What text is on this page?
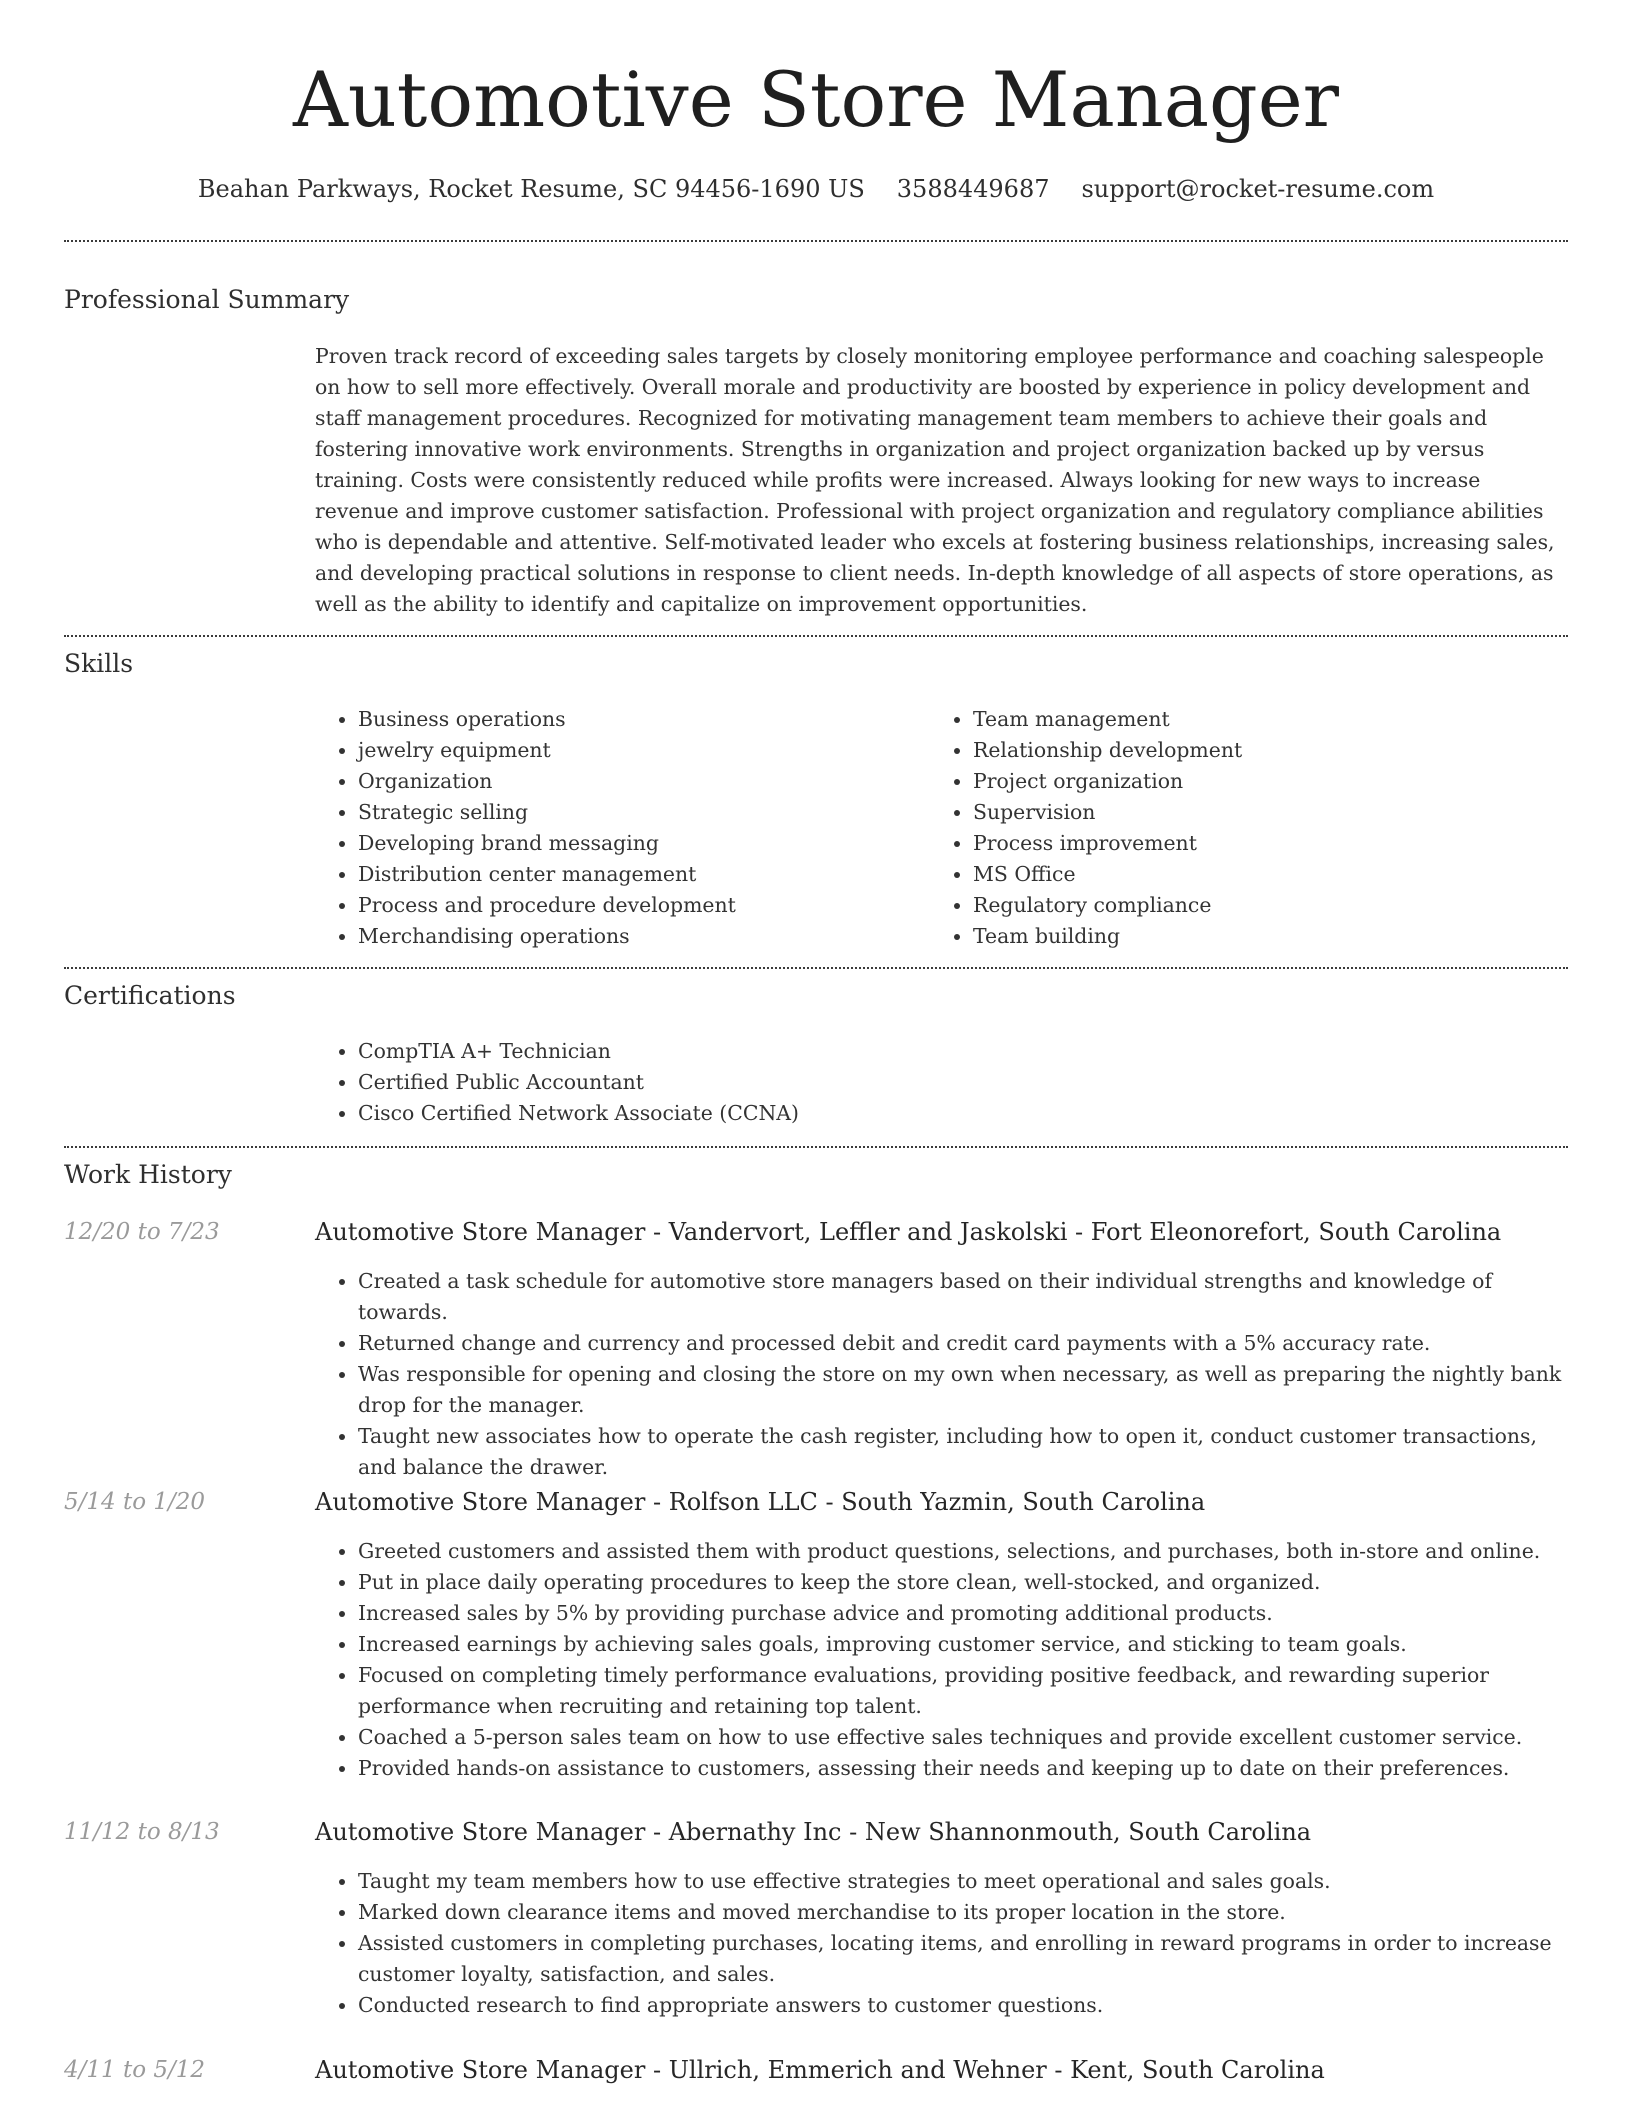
Automotive Store Manager
Beahan Parkways, Rocket Resume, SC 94456-1690 US 3588449687 support@rocket-resume.com
Professional Summary
Proven track record of exceeding sales targets by closely monitoring employee performance and coaching salespeople on how to sell more effectively. Overall morale and productivity are boosted by experience in policy development and staff management procedures. Recognized for motivating management team members to achieve their goals and fostering innovative work environments. Strengths in organization and project organization backed up by versus training. Costs were consistently reduced while profits were increased. Always looking for new ways to increase revenue and improve customer satisfaction. Professional with project organization and regulatory compliance abilities who is dependable and attentive. Self-motivated leader who excels at fostering business relationships, increasing sales, and developing practical solutions in response to client needs. In-depth knowledge of all aspects of store operations, as well as the ability to identify and capitalize on improvement opportunities.
Skills
• Business operations
• jewelry equipment
• Organization
• Strategic selling
• Developing brand messaging
• Distribution center management
• Process and procedure development
• Merchandising operations
• Team management
• Relationship development
• Project organization
• Supervision
• Process improvement
• MS Office
• Regulatory compliance
• Team building
Certifications
• CompTIA A+ Technician
• Certified Public Accountant
• Cisco Certified Network Associate (CCNA)
Work History
12/20 to 7/23	Automotive Store Manager - Vandervort, Leffler and Jaskolski - Fort Eleonorefort, South Carolina
• Created a task schedule for automotive store managers based on their individual strengths and knowledge of towards.
• Returned change and currency and processed debit and credit card payments with a 5% accuracy rate.
• Was responsible for opening and closing the store on my own when necessary, as well as preparing the nightly bank drop for the manager.
• Taught new associates how to operate the cash register, including how to open it, conduct customer transactions, and balance the drawer.
5/14 to 1/20	Automotive Store Manager - Rolfson LLC - South Yazmin, South Carolina
• Greeted customers and assisted them with product questions, selections, and purchases, both in-store and online.
• Put in place daily operating procedures to keep the store clean, well-stocked, and organized.
• Increased sales by 5% by providing purchase advice and promoting additional products.
• Increased earnings by achieving sales goals, improving customer service, and sticking to team goals.
• Focused on completing timely performance evaluations, providing positive feedback, and rewarding superior performance when recruiting and retaining top talent.
• Coached a 5-person sales team on how to use effective sales techniques and provide excellent customer service.
• Provided hands-on assistance to customers, assessing their needs and keeping up to date on their preferences.
11/12 to 8/13	Automotive Store Manager - Abernathy Inc - New Shannonmouth, South Carolina
• Taught my team members how to use effective strategies to meet operational and sales goals.
• Marked down clearance items and moved merchandise to its proper location in the store.
• Assisted customers in completing purchases, locating items, and enrolling in reward programs in order to increase customer loyalty, satisfaction, and sales.
• Conducted research to find appropriate answers to customer questions.
4/11 to 5/12	Automotive Store Manager - Ullrich, Emmerich and Wehner - Kent, South Carolina
